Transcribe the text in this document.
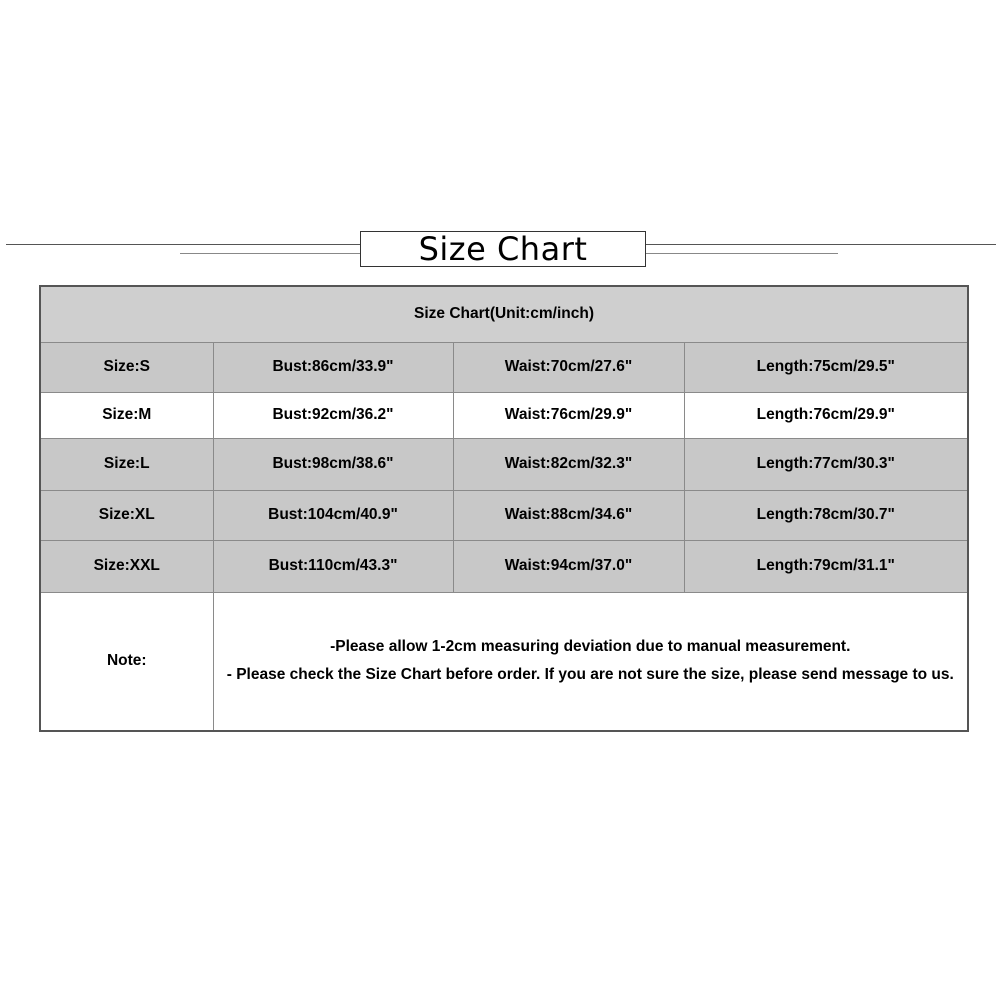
Size Chart
Size Chart(Unit:cm/inch)			
Size:S	Bust:86cm/33.9"	Waist:70cm/27.6"	Length:75cm/29.5"
Size:M	Bust:92cm/36.2"	Waist:76cm/29.9"	Length:76cm/29.9"
Size:L	Bust:98cm/38.6"	Waist:82cm/32.3"	Length:77cm/30.3"
Size:XL	Bust:104cm/40.9"	Waist:88cm/34.6"	Length:78cm/30.7"
Size:XXL	Bust:110cm/43.3"	Waist:94cm/37.0"	Length:79cm/31.1"
Note:	-Please allow 1-2cm measuring deviation due to manual measurement.
- Please check the Size Chart before order. If you are not sure the size, please send message to us.		
